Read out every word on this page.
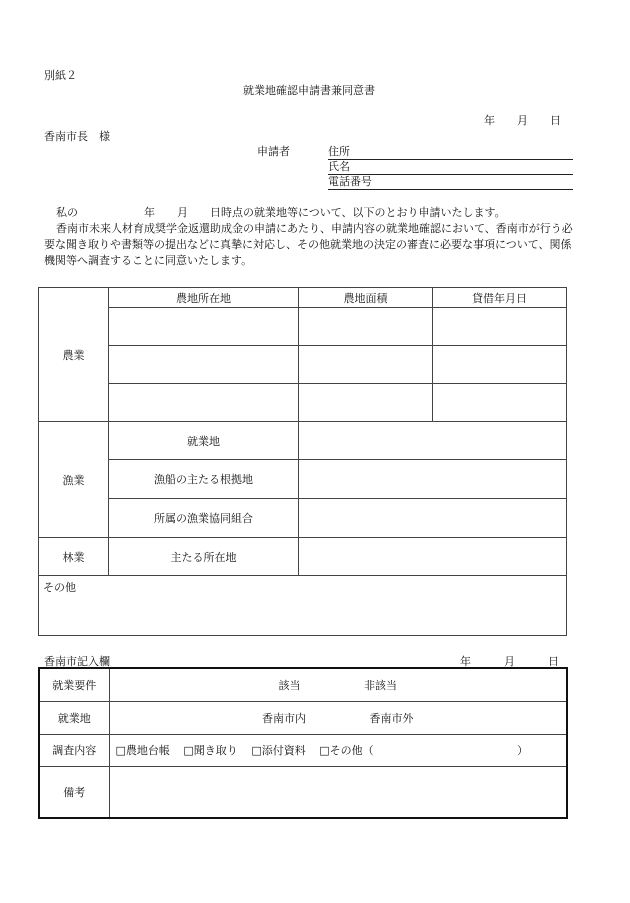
別紙２
就業地確認申請書兼同意書
年　　月　　日
香南市長　様
申請者	住所
氏名
電話番号
私の　　　　　　年　　月　　日時点の就業地等について、以下のとおり申請いたします。
香南市未来人材育成奨学金返還助成金の申請にあたり、申請内容の就業地確認において、香南市が行う必要な聞き取りや書類等の提出などに真摯に対応し、その他就業地の決定の審査に必要な事項について、関係機関等へ調査することに同意いたします。
農業	農地所在地	農地面積	貸借年月日

漁業	就業地		
	漁船の主たる根拠地		
	所属の漁業協同組合		
林業	主たる所在地		
その他			
香南市記入欄	年　　　月　　　日
就業要件	該当 非該当
就業地	香南市内 香南市外
調査内容	□農地台帳 □聞き取り □添付資料 □その他（ ）
備考	
